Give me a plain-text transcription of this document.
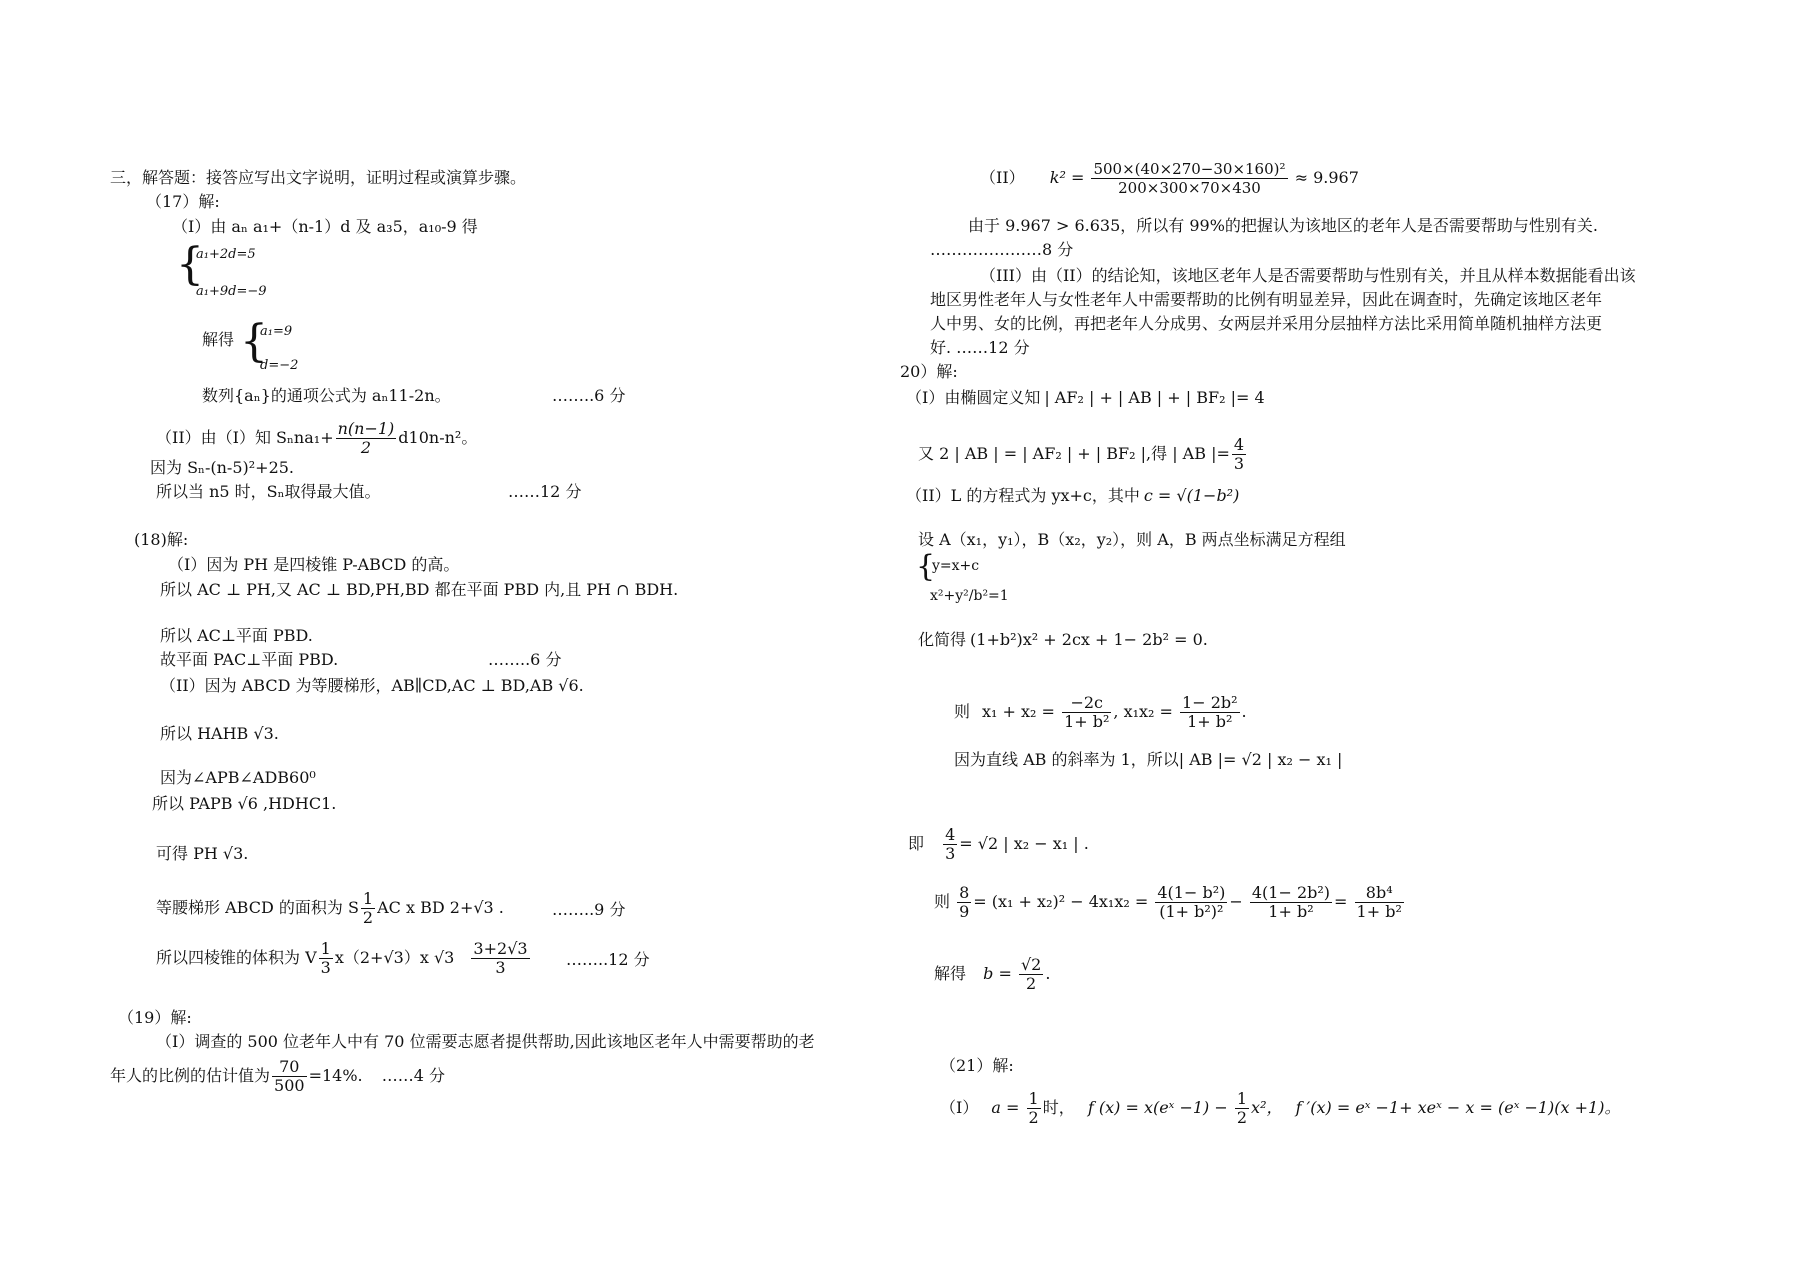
三，解答题：接答应写出文字说明，证明过程或演算步骤。
（17）解:
（I）由 aₙ a₁+（n-1）d 及 a₃5，a₁₀-9 得
{
a₁+2d=5
a₁+9d=−9
解得 {
a₁=9
d=−2
数列{aₙ}的通项公式为 aₙ11-2n。	……..6 分
（II）由（I）知 $S_nna_1+ \frac{n(n-1)}{2} d10n-n^2$。
因为 Sₙ-(n-5)²+25.
所以当 n5 时，Sₙ取得最大值。	……12 分
(18)解:
（I）因为 PH 是四棱锥 P-ABCD 的高。
所以 AC ⊥ PH,又 AC ⊥ BD,PH,BD 都在平面 PBD 内,且 PH ∩ BDH.
所以 AC⊥平面 PBD.
故平面 PAC⊥平面 PBD.	……..6 分
（II）因为 ABCD 为等腰梯形，AB∥CD,AC ⊥ BD,AB √6.
所以 HAHB √3.
因为∠APB∠ADB60⁰
所以 PAPB √6 ,HDHC1.
可得 PH √3.
等腰梯形 ABCD 的面积为 S $\frac{1}{2}$ AC x BD 2+√3 .	……..9 分
所以四棱锥的体积为 V $\frac{1}{3} x(2+√3)x$ $√3 \frac{3+2√3}{3}$ ……..12 分
（19）解:
（I）调查的 500 位老年人中有 70 位需要志愿者提供帮助,因此该地区老年人中需要帮助的老
年人的比例的估计值为 $\frac{70}{500} =14\%$. ……4 分
（II） $k^2 = \frac{\text{500×(40×270−30×160)²}}{200\times 300\times 70\times 430} \approx 9.967$
由于 9.967 > 6.635，所以有 99%的把握认为该地区的老年人是否需要帮助与性别有关.
…………………8 分
（III）由（II）的结论知，该地区老年人是否需要帮助与性别有关，并且从样本数据能看出该
地区男性老年人与女性老年人中需要帮助的比例有明显差异，因此在调查时，先确定该地区老年
人中男、女的比例，再把老年人分成男、女两层并采用分层抽样方法比采用简单随机抽样方法更
好. ……12 分
20）解:
（I）由椭圆定义知 | AF₂ | + | AB | + | BF₂ |= 4
又 2 | AB | = | AF₂ | + | BF₂ |,得 | AB |= $\frac{4}{3}$
（II）L 的方程式为 yx+c，其中 c = √(1−b²)
设 A（x₁，y₁），B（x₂，y₂），则 A，B 两点坐标满足方程组
{
y=x+c
x²+y²/b²=1
化简得 (1+b²)x² + 2cx + 1− 2b² = 0.
则 $x_1 + x_2 = \frac{-2c}{\text{1+ b²}}$ , $x_1x_2 = \frac{\text{1− 2b²}}{\text{1+ b²}}$ .
因为直线 AB 的斜率为 1，所以| AB |= √2 | x₂ − x₁ |
即 $\frac{4}{3} = √2$ | x₂ − x₁ | .
则 $\frac{8}{9} = (x_1 + x_2)^2 - 4x_1x_2 = \frac{\text{4(1− b²)}}{\text{(1+ b²)²}} - \frac{\text{4(1− 2b²)}}{\text{1+ b²}} = \frac{\text{8b⁴}}{\text{1+ b²}}$
解得 $b = \frac{√2}{2}$ .
（21）解:
（I） $a = \frac{1}{2}$ 时， f (x) = x(eˣ $-1) - \frac{1}{2} x^2$， f ′(x) = eˣ −1+ xeˣ − x = (eˣ −1)(x +1)。
